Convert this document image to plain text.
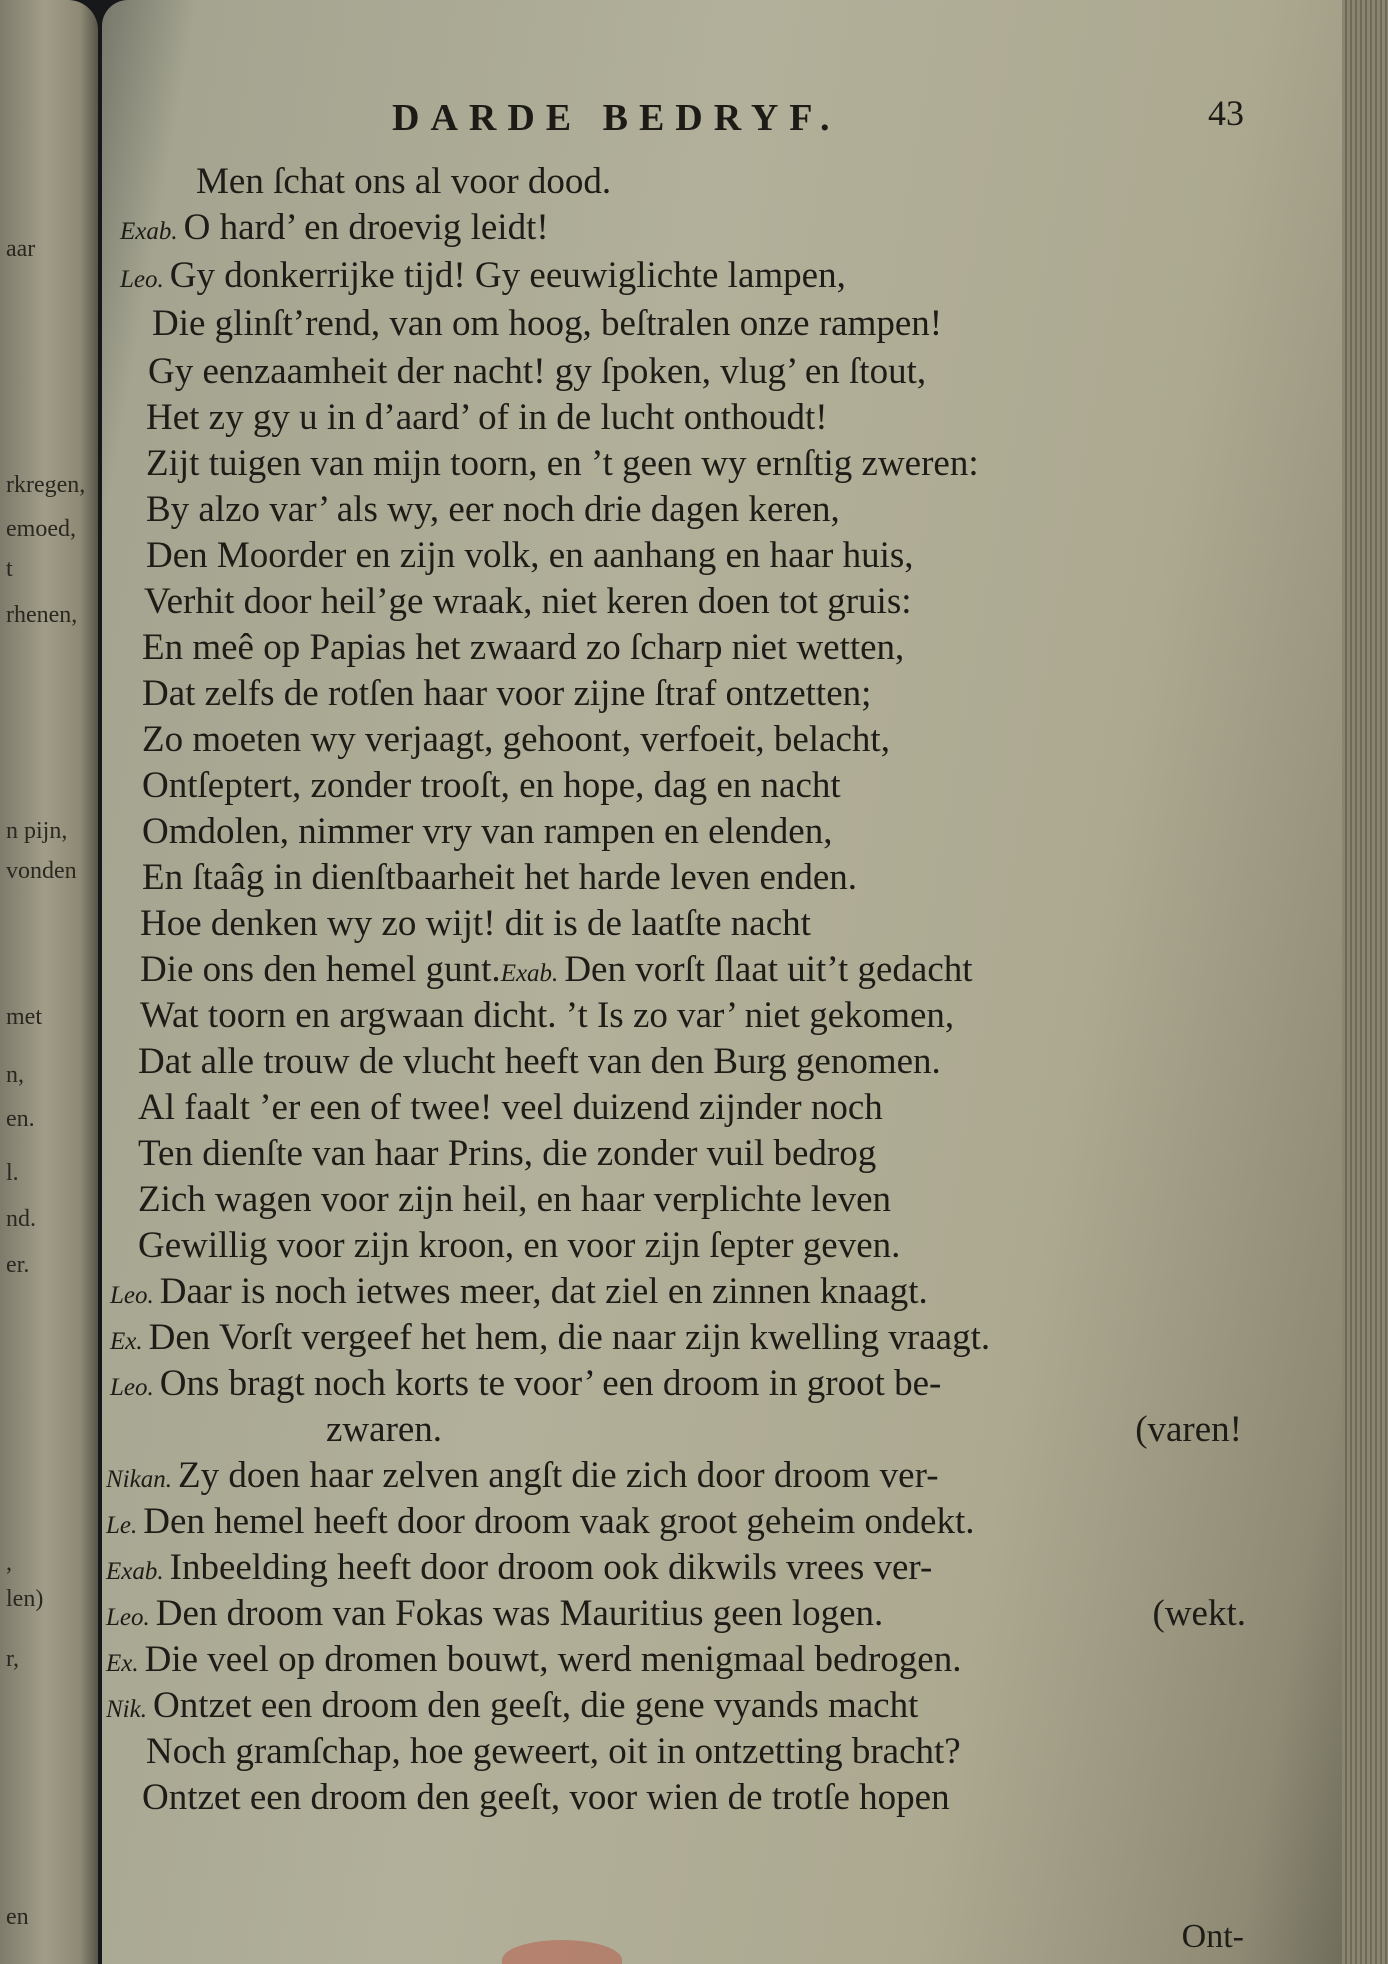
aar
rkregen,
emoed,
t
rhenen,
n pijn,
vonden
met
n,
en.
l.
nd.
er.
,
len)
r,
en
DARDE BEDRYF.	43
Men ſchat ons al voor dood.
Exab. O hard’ en droevig leidt!
Leo. Gy donkerrijke tijd! Gy eeuwiglichte lampen,
Die glinſt’rend, van om hoog, beſtralen onze rampen!
Gy eenzaamheit der nacht! gy ſpoken, vlug’ en ſtout,
Het zy gy u in d’aard’ of in de lucht onthoudt!
Zijt tuigen van mijn toorn, en ’t geen wy ernſtig zweren:
By alzo var’ als wy, eer noch drie dagen keren,
Den Moorder en zijn volk, en aanhang en haar huis,
Verhit door heil’ge wraak, niet keren doen tot gruis:
En meê op Papias het zwaard zo ſcharp niet wetten,
Dat zelfs de rotſen haar voor zijne ſtraf ontzetten;
Zo moeten wy verjaagt, gehoont, verfoeit, belacht,
Ontſeptert, zonder trooſt, en hope, dag en nacht
Omdolen, nimmer vry van rampen en elenden,
En ſtaâg in dienſtbaarheit het harde leven enden.
Hoe denken wy zo wijt! dit is de laatſte nacht
Die ons den hemel gunt.Exab. Den vorſt ſlaat uit’t gedacht
Wat toorn en argwaan dicht. ’t Is zo var’ niet gekomen,
Dat alle trouw de vlucht heeft van den Burg genomen.
Al faalt ’er een of twee! veel duizend zijnder noch
Ten dienſte van haar Prins, die zonder vuil bedrog
Zich wagen voor zijn heil, en haar verplichte leven
Gewillig voor zijn kroon, en voor zijn ſepter geven.
Leo. Daar is noch ietwes meer, dat ziel en zinnen knaagt.
Ex. Den Vorſt vergeef het hem, die naar zijn kwelling vraagt.
Leo. Ons bragt noch korts te voor’ een droom in groot be-
zwaren.	(varen!
Nikan. Zy doen haar zelven angſt die zich door droom ver-
Le. Den hemel heeft door droom vaak groot geheim ondekt.
Exab. Inbeelding heeft door droom ook dikwils vrees ver-
Leo. Den droom van Fokas was Mauritius geen logen.	(wekt.
Ex. Die veel op dromen bouwt, werd menigmaal bedrogen.
Nik. Ontzet een droom den geeſt, die gene vyands macht
Noch gramſchap, hoe geweert, oit in ontzetting bracht?
Ontzet een droom den geeſt, voor wien de trotſe hopen
Ont-
